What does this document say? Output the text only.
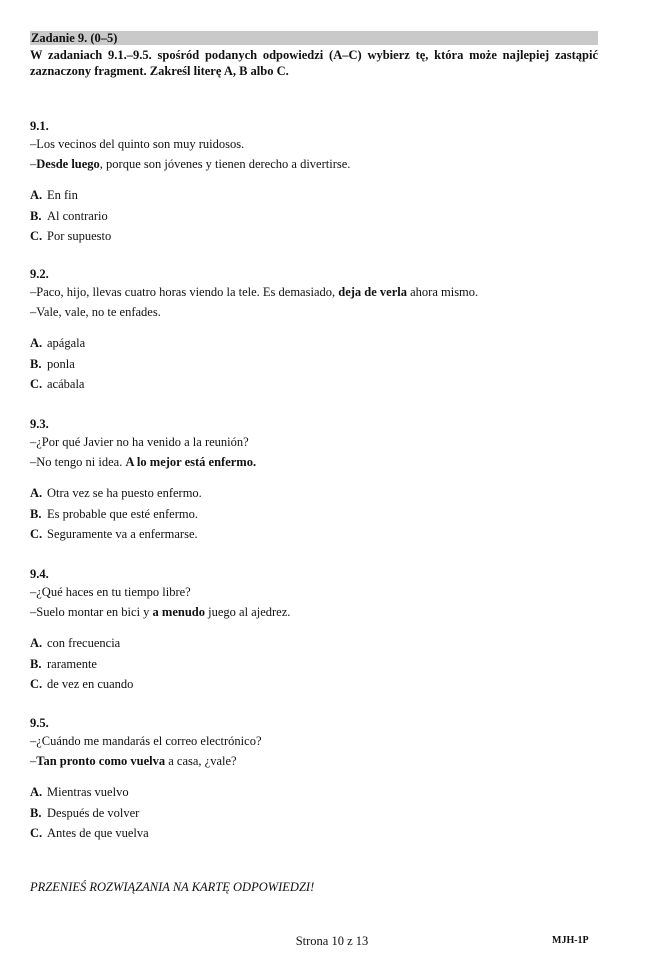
Zadanie 9. (0–5)
W zadaniach 9.1.–9.5. spośród podanych odpowiedzi (A–C) wybierz tę, która może najlepiej zastąpić zaznaczony fragment. Zakreśl literę A, B albo C.
9.1.
–Los vecinos del quinto son muy ruidosos.
–Desde luego, porque son jóvenes y tienen derecho a divertirse.
A. En fin
B. Al contrario
C. Por supuesto
9.2.
–Paco, hijo, llevas cuatro horas viendo la tele. Es demasiado, deja de verla ahora mismo.
–Vale, vale, no te enfades.
A. apágala
B. ponla
C. acábala
9.3.
–¿Por qué Javier no ha venido a la reunión?
–No tengo ni idea. A lo mejor está enfermo.
A. Otra vez se ha puesto enfermo.
B. Es probable que esté enfermo.
C. Seguramente va a enfermarse.
9.4.
–¿Qué haces en tu tiempo libre?
–Suelo montar en bici y a menudo juego al ajedrez.
A. con frecuencia
B. raramente
C. de vez en cuando
9.5.
–¿Cuándo me mandarás el correo electrónico?
–Tan pronto como vuelva a casa, ¿vale?
A. Mientras vuelvo
B. Después de volver
C. Antes de que vuelva
PRZENIEŚ ROZWIĄZANIA NA KARTĘ ODPOWIEDZI!
Strona 10 z 13	MJH-1P
